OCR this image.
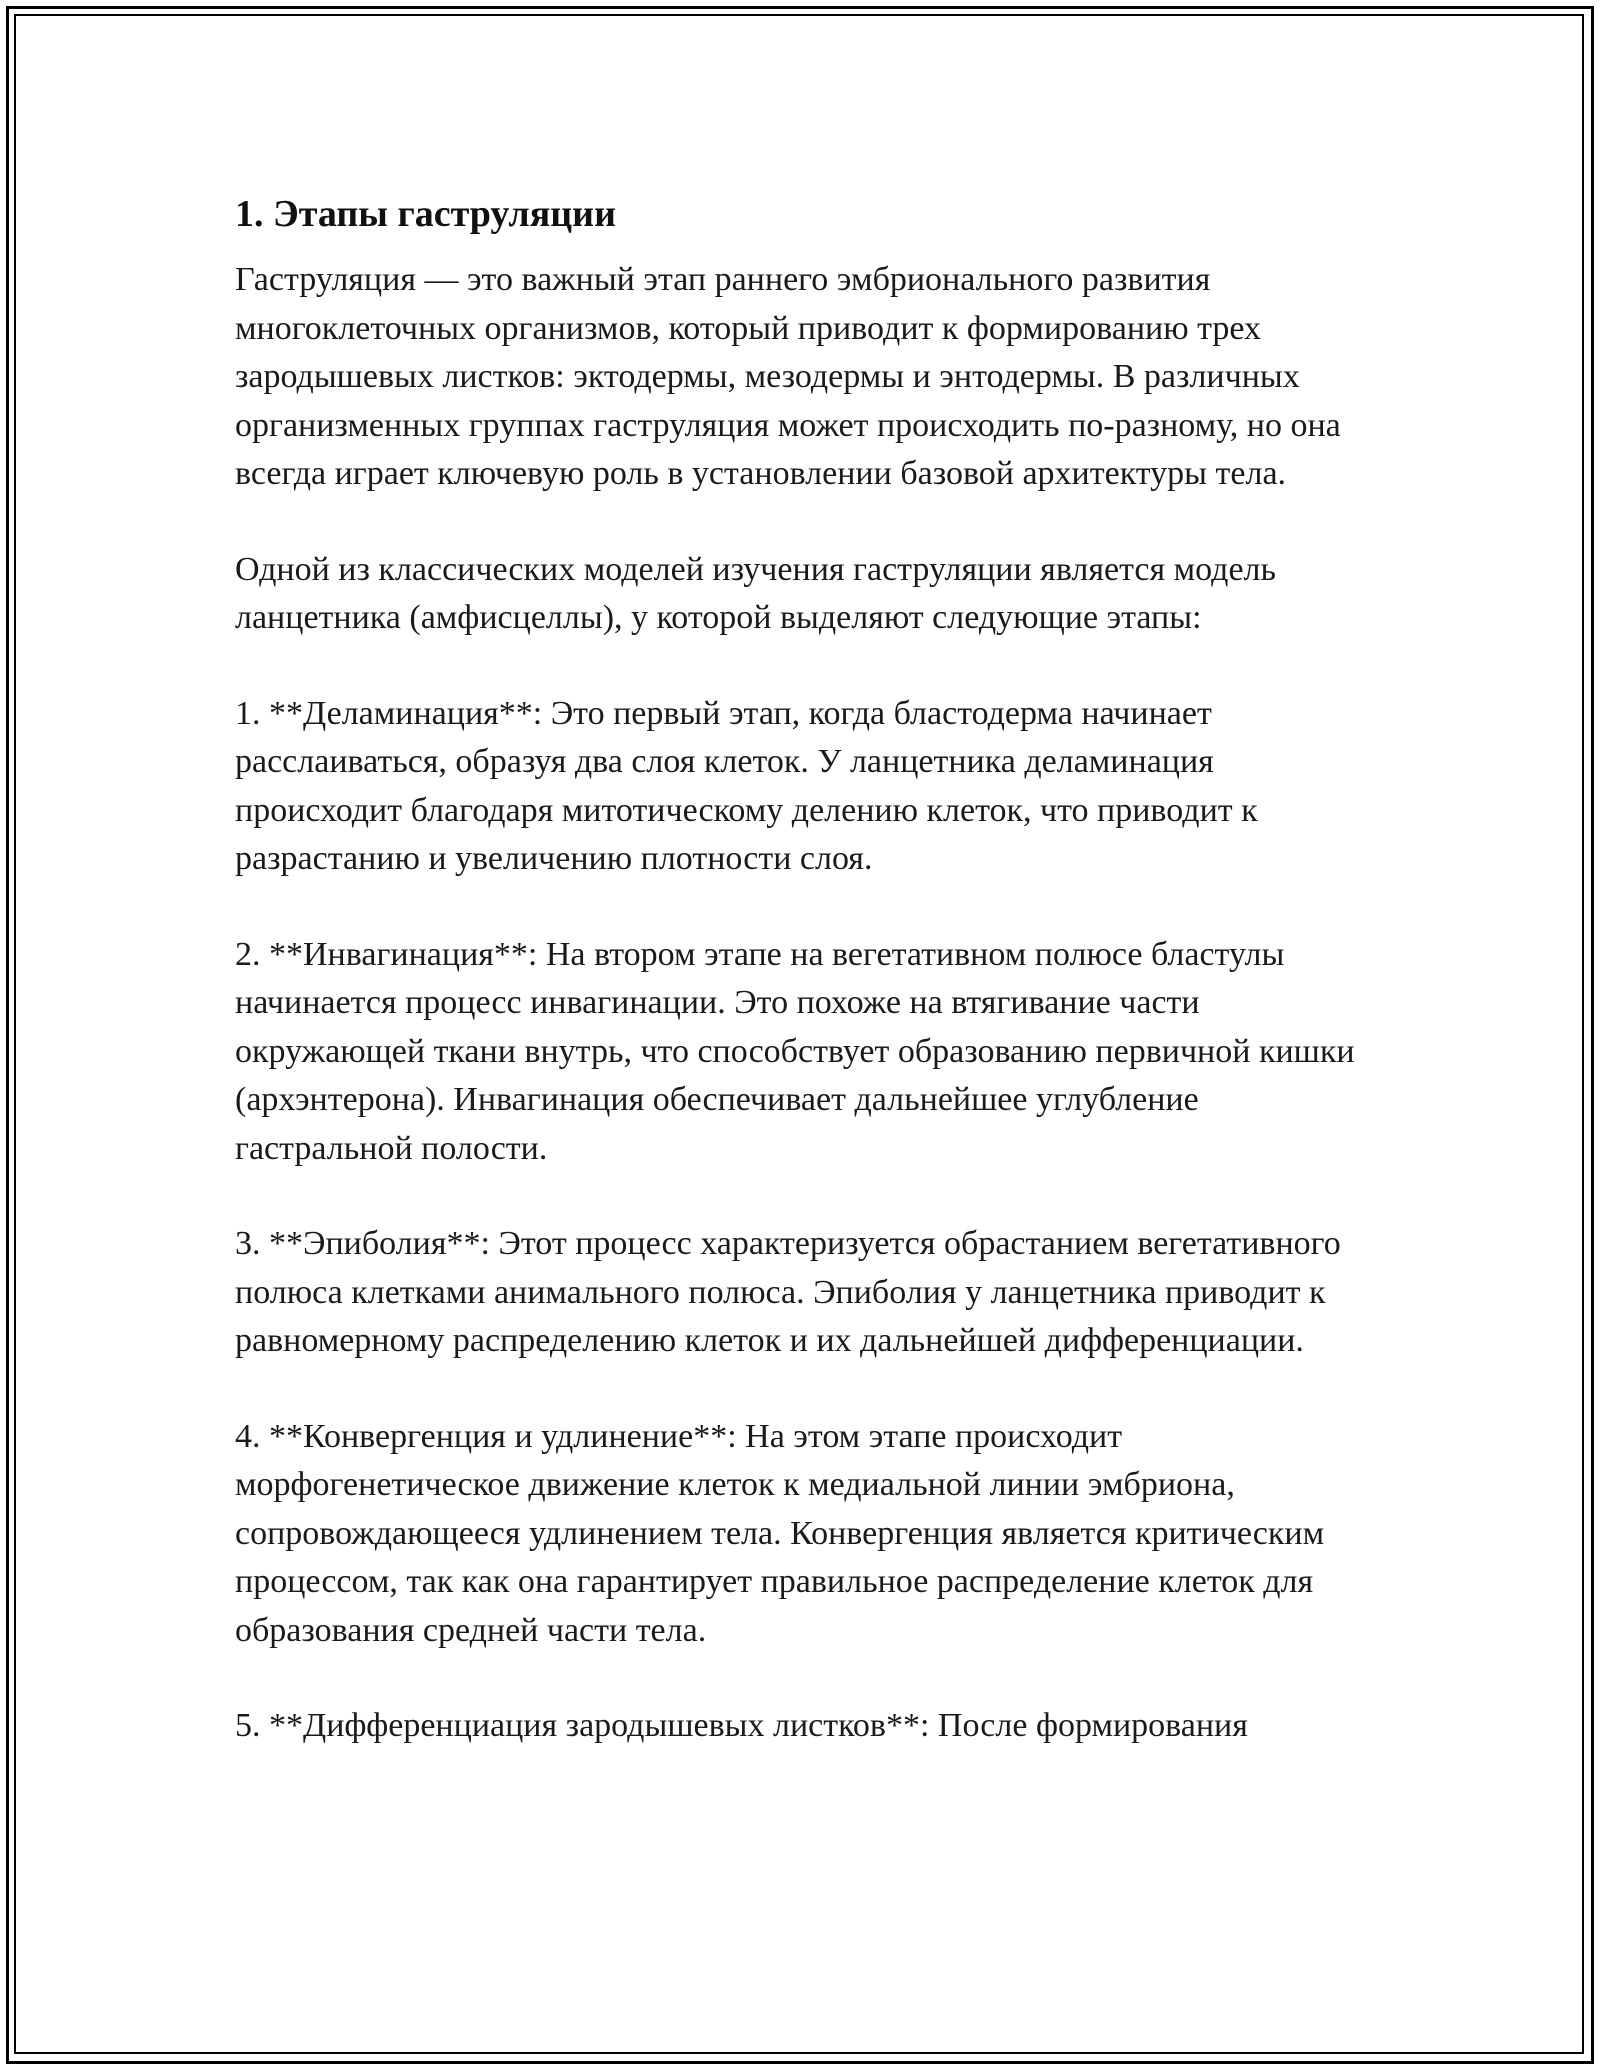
1. Этапы гаструляции

Гаструляция — это важный этап раннего эмбрионального развития многоклеточных организмов, который приводит к формированию трех зародышевых листков: эктодермы, мезодермы и энтодермы. В различных организменных группах гаструляция может происходить по-разному, но она всегда играет ключевую роль в установлении базовой архитектуры тела.

Одной из классических моделей изучения гаструляции является модель ланцетника (амфисцеллы), у которой выделяют следующие этапы:

1. **Деламинация**: Это первый этап, когда бластодерма начинает расслаиваться, образуя два слоя клеток. У ланцетника деламинация происходит благодаря митотическому делению клеток, что приводит к разрастанию и увеличению плотности слоя.

2. **Инвагинация**: На втором этапе на вегетативном полюсе бластулы начинается процесс инвагинации. Это похоже на втягивание части окружающей ткани внутрь, что способствует образованию первичной кишки (архэнтерона). Инвагинация обеспечивает дальнейшее углубление гастральной полости.

3. **Эпиболия**: Этот процесс характеризуется обрастанием вегетативного полюса клетками анимального полюса. Эпиболия у ланцетника приводит к равномерному распределению клеток и их дальнейшей дифференциации.

4. **Конвергенция и удлинение**: На этом этапе происходит морфогенетическое движение клеток к медиальной линии эмбриона, сопровождающееся удлинением тела. Конвергенция является критическим процессом, так как она гарантирует правильное распределение клеток для образования средней части тела.

5. **Дифференциация зародышевых листков**: После формирования
